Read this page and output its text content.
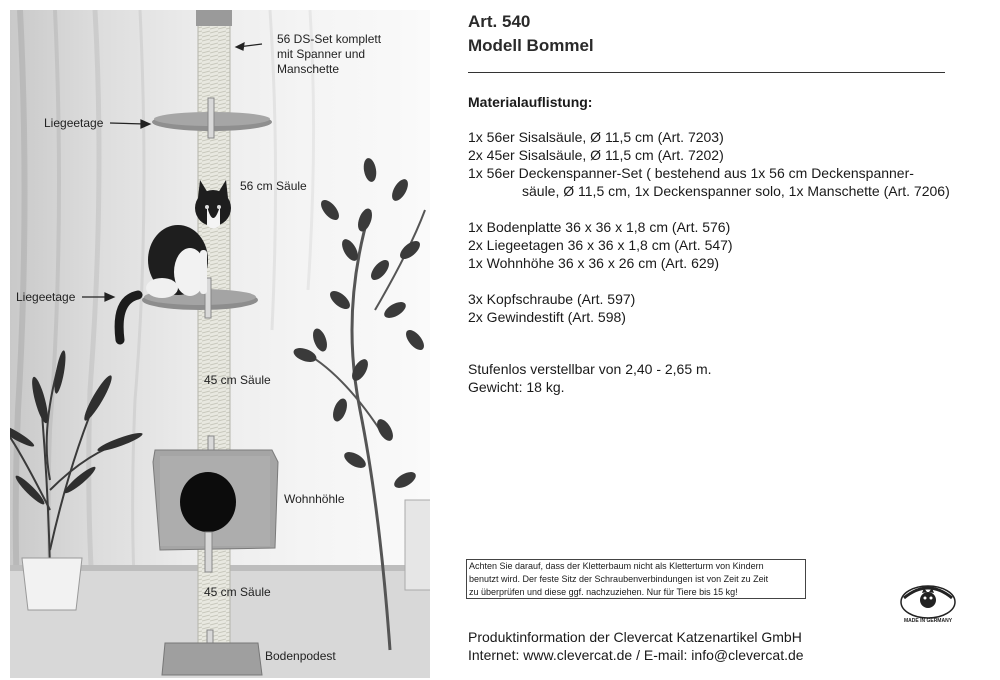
56 DS-Set komplett
mit Spanner und
Manschette
Liegeetage
56 cm Säule
Liegeetage
45 cm Säule
Wohnhöhle
45 cm Säule
Bodenpodest
Art. 540
Modell Bommel
Materialauflistung:
1x 56er Sisalsäule, Ø 11,5 cm (Art. 7203)
2x 45er Sisalsäule, Ø 11,5 cm (Art. 7202)
1x 56er Deckenspanner-Set ( bestehend aus 1x 56 cm Deckenspanner-
säule, Ø 11,5 cm, 1x Deckenspanner solo, 1x Manschette (Art. 7206)
1x Bodenplatte 36 x 36 x 1,8 cm (Art. 576)
2x Liegeetagen 36 x 36 x 1,8 cm (Art. 547)
1x Wohnhöhe 36 x 36 x 26 cm (Art. 629)
3x Kopfschraube (Art. 597)
2x Gewindestift (Art. 598)
Stufenlos verstellbar von 2,40 - 2,65 m.
Gewicht: 18 kg.
Achten Sie darauf, dass der Kletterbaum nicht als Kletterturm von Kindern
benutzt wird. Der feste Sitz der Schraubenverbindungen ist von Zeit zu Zeit
zu überprüfen und diese ggf. nachzuziehen. Nur für Tiere bis 15 kg!
MADE IN GERMANY
Produktinformation der Clevercat Katzenartikel GmbH
Internet: www.clevercat.de / E-mail: info@clevercat.de
